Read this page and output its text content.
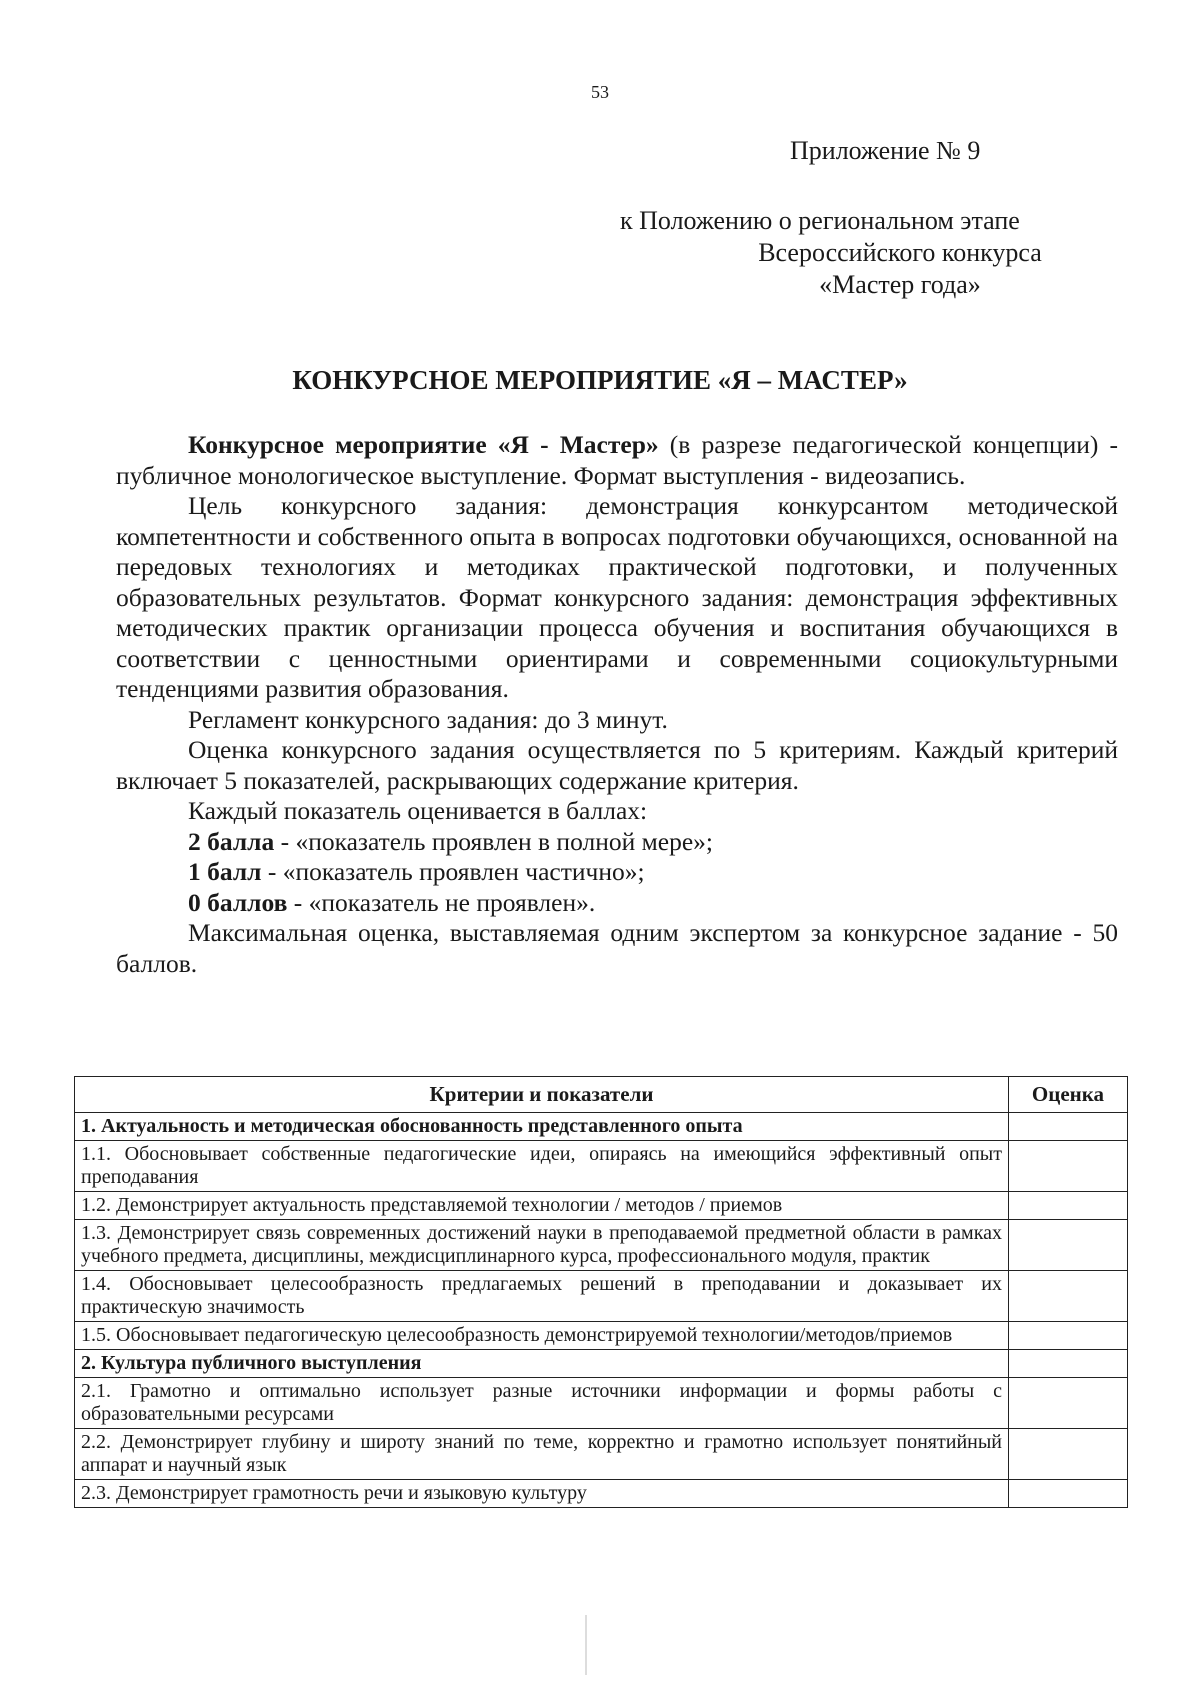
53
Приложение № 9
к Положению о региональном этапе
Всероссийского конкурса
«Мастер года»
КОНКУРСНОЕ МЕРОПРИЯТИЕ «Я – МАСТЕР»

Конкурсное мероприятие «Я - Мастер» (в разрезе педагогической концепции) - публичное монологическое выступление. Формат выступления - видеозапись.

Цель конкурсного задания: демонстрация конкурсантом методической компетентности и собственного опыта в вопросах подготовки обучающихся, основанной на передовых технологиях и методиках практической подготовки, и полученных образовательных результатов. Формат конкурсного задания: демонстрация эффективных методических практик организации процесса обучения и воспитания обучающихся в соответствии с ценностными ориентирами и современными социокультурными тенденциями развития образования.

Регламент конкурсного задания: до 3 минут.

Оценка конкурсного задания осуществляется по 5 критериям. Каждый критерий включает 5 показателей, раскрывающих содержание критерия.

Каждый показатель оценивается в баллах:

2 балла - «показатель проявлен в полной мере»;

1 балл - «показатель проявлен частично»;

0 баллов - «показатель не проявлен».

Максимальная оценка, выставляемая одним экспертом за конкурсное задание - 50 баллов.

Критерии и показатели	Оценка
1. Актуальность и методическая обоснованность представленного опыта	
1.1. Обосновывает собственные педагогические идеи, опираясь на имеющийся эффективный опыт преподавания	
1.2. Демонстрирует актуальность представляемой технологии / методов / приемов	
1.3. Демонстрирует связь современных достижений науки в преподаваемой предметной области в рамках учебного предмета, дисциплины, междисциплинарного курса, профессионального модуля, практик	
1.4. Обосновывает целесообразность предлагаемых решений в преподавании и доказывает их практическую значимость	
1.5. Обосновывает педагогическую целесообразность демонстрируемой технологии/методов/приемов	
2. Культура публичного выступления	
2.1. Грамотно и оптимально использует разные источники информации и формы работы с образовательными ресурсами	
2.2. Демонстрирует глубину и широту знаний по теме, корректно и грамотно использует понятийный аппарат и научный язык	
2.3. Демонстрирует грамотность речи и языковую культуру	
